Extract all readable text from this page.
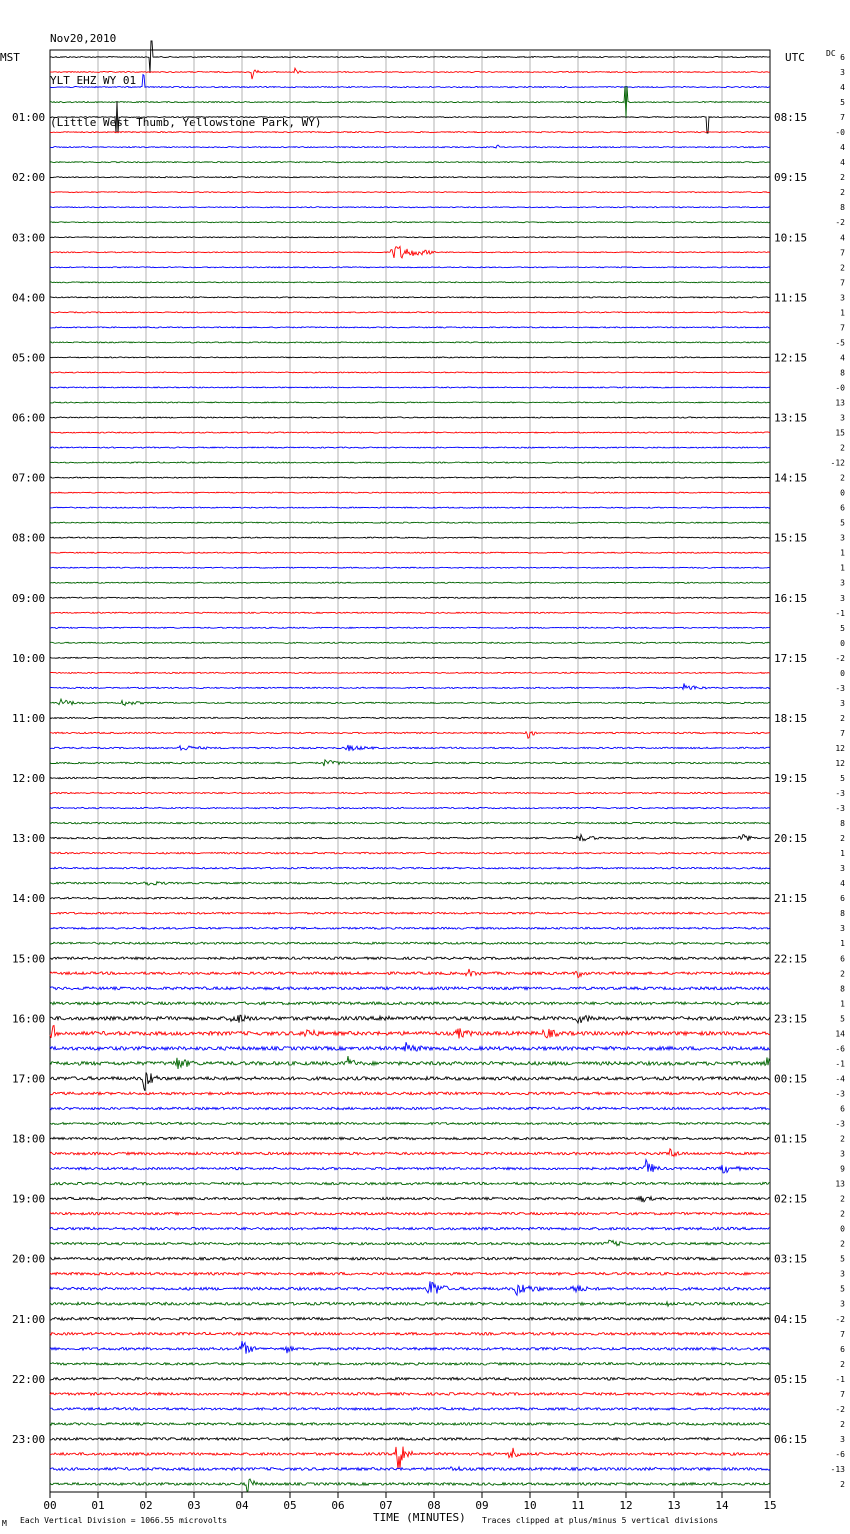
Nov20,2010

YLT EHZ WY 01

(Little West Thumb, Yellowstone Park, WY)

MST	UTC	DC
TIME (MINUTES)
Each Vertical Division = 1066.55 microvolts	Traces clipped at plus/minus 5 vertical divisions
M
01:00
02:00
03:00
04:00
05:00
06:00
07:00
08:00
09:00
10:00
11:00
12:00
13:00
14:00
15:00
16:00
17:00
18:00
19:00
20:00
21:00
22:00
23:00
08:15
09:15
10:15
11:15
12:15
13:15
14:15
15:15
16:15
17:15
18:15
19:15
20:15
21:15
22:15
23:15
00:15
01:15
02:15
03:15
04:15
05:15
06:15
6
3
4
5
7
-0
4
4
2
2
8
-2
4
7
2
7
3
1
7
-5
4
8
-0
13
3
15
2
-12
2
0
6
5
3
1
1
3
3
-1
5
0
-2
0
-3
3
2
7
12
12
5
-3
-3
8
2
1
3
4
6
8
3
1
6
2
8
1
5
14
-6
-1
-4
-3
6
-3
2
3
9
13
2
2
0
2
5
3
5
3
-2
7
6
2
-1
7
-2
2
3
-6
-13
2
00	01	02	03	04	05	06	07	08	09	10	11	12	13	14	15
